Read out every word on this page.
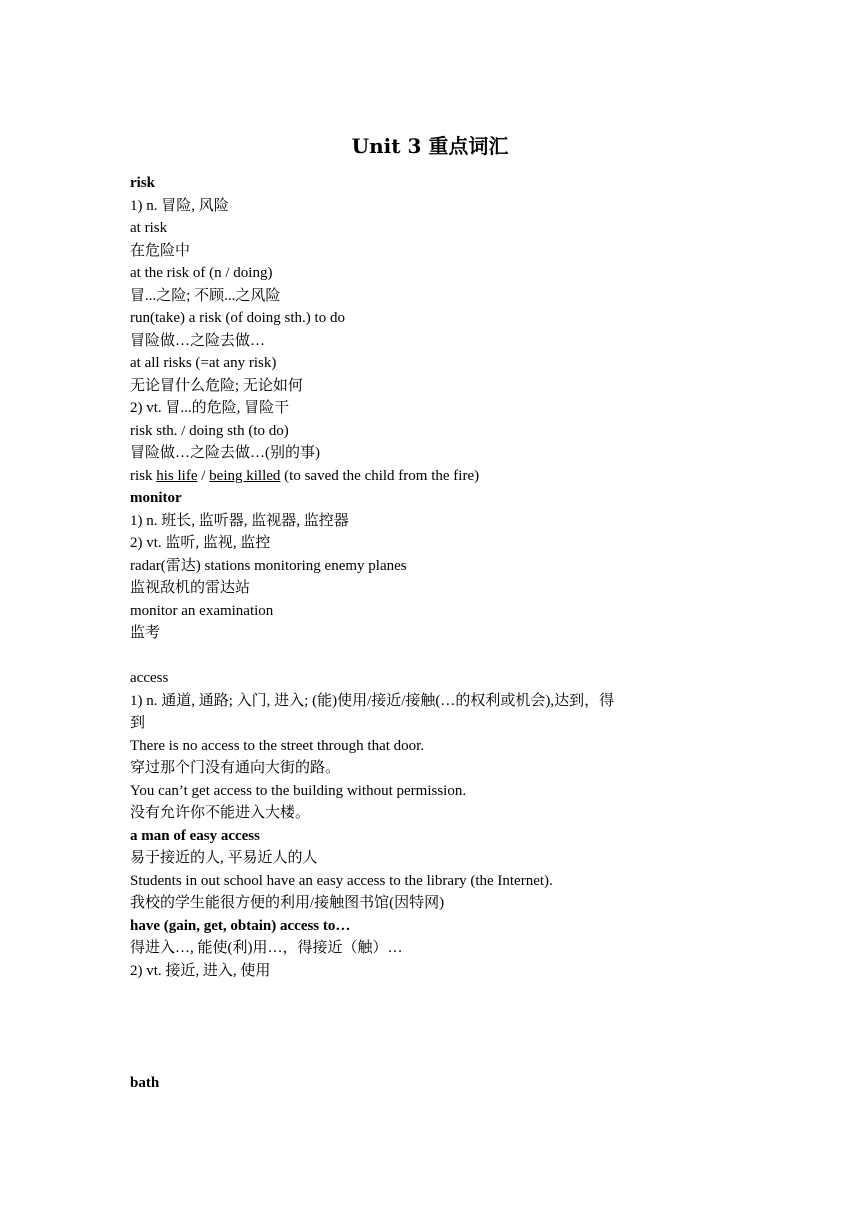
Unit 3 重点词汇
risk
1) n. 冒险, 风险
at risk
在危险中
at the risk of (n / doing)
冒...之险; 不顾...之风险
run(take) a risk (of doing sth.) to do
冒险做…之险去做…
at all risks (=at any risk)
无论冒什么危险; 无论如何
2) vt. 冒...的危险, 冒险干
risk sth. / doing sth (to do)
冒险做…之险去做…(别的事)
risk his life / being killed (to saved the child from the fire)
monitor
1) n. 班长, 监听器, 监视器, 监控器
2) vt. 监听, 监视, 监控
radar(雷达) stations monitoring enemy planes
监视敌机的雷达站
monitor an examination
监考
access
1) n. 通道, 通路; 入门, 进入; (能)使用/接近/接触(…的权利或机会),达到，得
到
There is no access to the street through that door.
穿过那个门没有通向大街的路。
You can’t get access to the building without permission.
没有允许你不能进入大楼。
a man of easy access
易于接近的人, 平易近人的人
Students in out school have an easy access to the library (the Internet).
我校的学生能很方便的利用/接触图书馆(因特网)
have (gain, get, obtain) access to…
得进入…, 能使(利)用…，得接近（触）…
2) vt. 接近, 进入, 使用
bath
